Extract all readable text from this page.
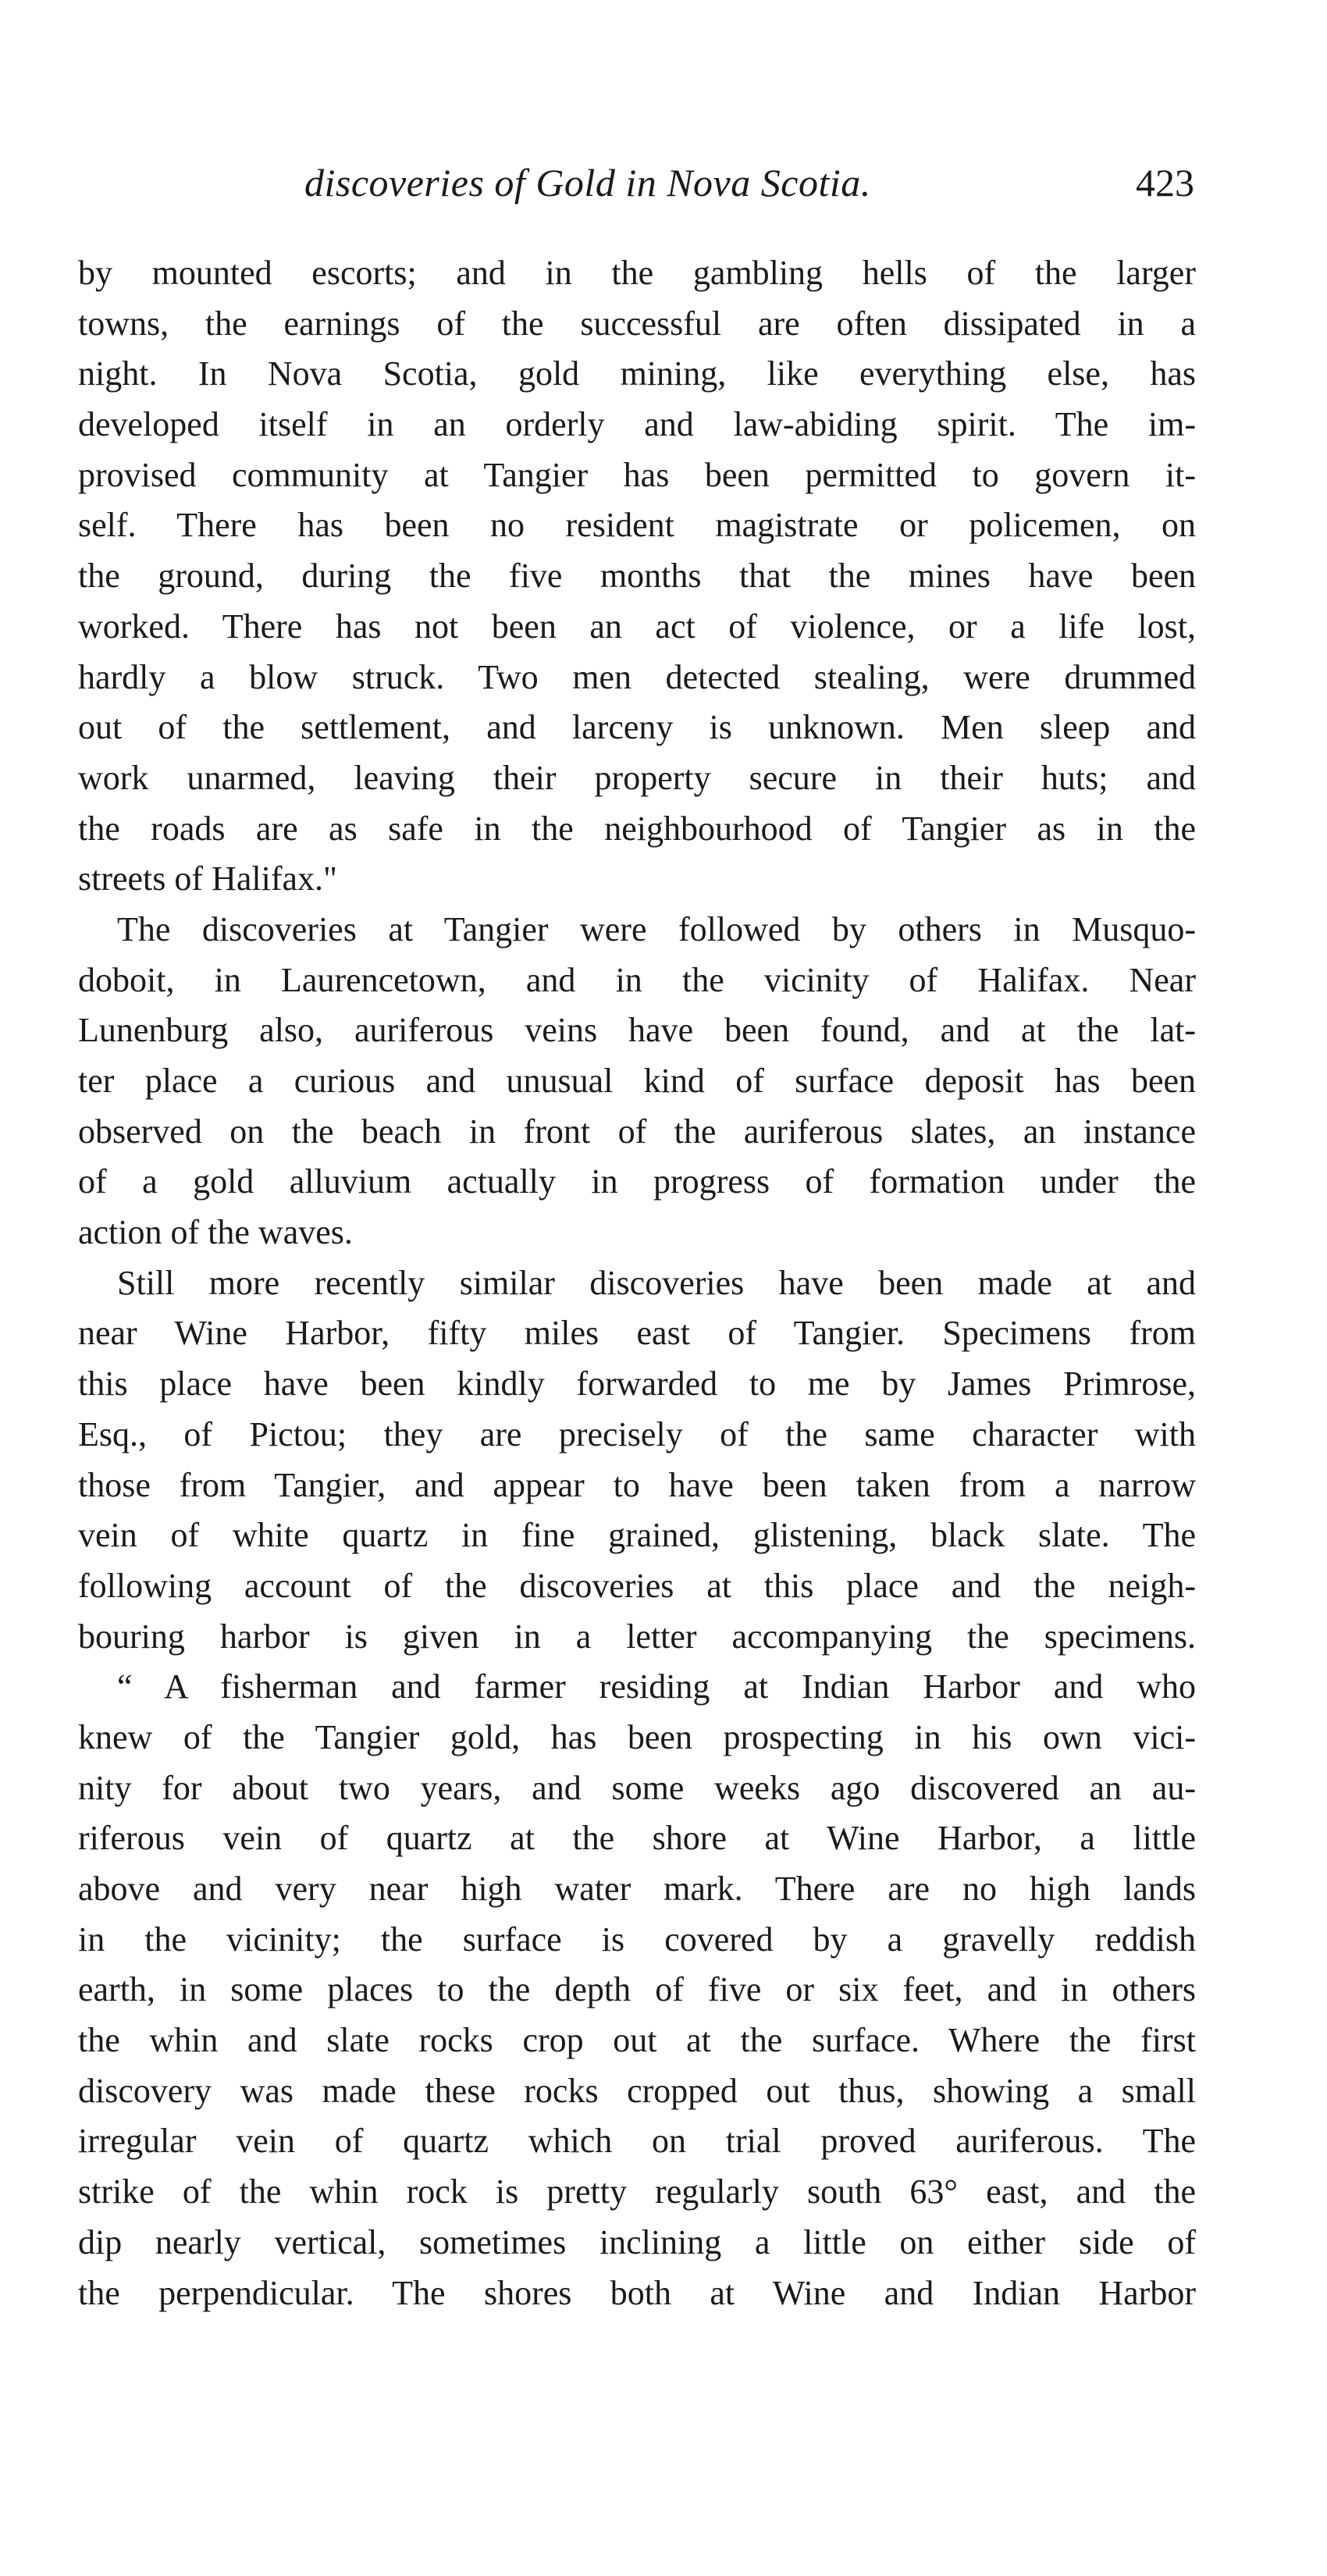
discoveries of Gold in Nova Scotia.	423
by mounted escorts; and in the gambling hells of the larger
towns, the earnings of the successful are often dissipated in a
night. In Nova Scotia, gold mining, like everything else, has
developed itself in an orderly and law-abiding spirit. The im-
provised community at Tangier has been permitted to govern it-
self. There has been no resident magistrate or policemen, on
the ground, during the five months that the mines have been
worked. There has not been an act of violence, or a life lost,
hardly a blow struck. Two men detected stealing, were drummed
out of the settlement, and larceny is unknown. Men sleep and
work unarmed, leaving their property secure in their huts; and
the roads are as safe in the neighbourhood of Tangier as in the
streets of Halifax."
The discoveries at Tangier were followed by others in Musquo-
doboit, in Laurencetown, and in the vicinity of Halifax. Near
Lunenburg also, auriferous veins have been found, and at the lat-
ter place a curious and unusual kind of surface deposit has been
observed on the beach in front of the auriferous slates, an instance
of a gold alluvium actually in progress of formation under the
action of the waves.
Still more recently similar discoveries have been made at and
near Wine Harbor, fifty miles east of Tangier. Specimens from
this place have been kindly forwarded to me by James Primrose,
Esq., of Pictou; they are precisely of the same character with
those from Tangier, and appear to have been taken from a narrow
vein of white quartz in fine grained, glistening, black slate. The
following account of the discoveries at this place and the neigh-
bouring harbor is given in a letter accompanying the specimens.
“ A fisherman and farmer residing at Indian Harbor and who
knew of the Tangier gold, has been prospecting in his own vici-
nity for about two years, and some weeks ago discovered an au-
riferous vein of quartz at the shore at Wine Harbor, a little
above and very near high water mark. There are no high lands
in the vicinity; the surface is covered by a gravelly reddish
earth, in some places to the depth of five or six feet, and in others
the whin and slate rocks crop out at the surface. Where the first
discovery was made these rocks cropped out thus, showing a small
irregular vein of quartz which on trial proved auriferous. The
strike of the whin rock is pretty regularly south 63° east, and the
dip nearly vertical, sometimes inclining a little on either side of
the perpendicular. The shores both at Wine and Indian Harbor
